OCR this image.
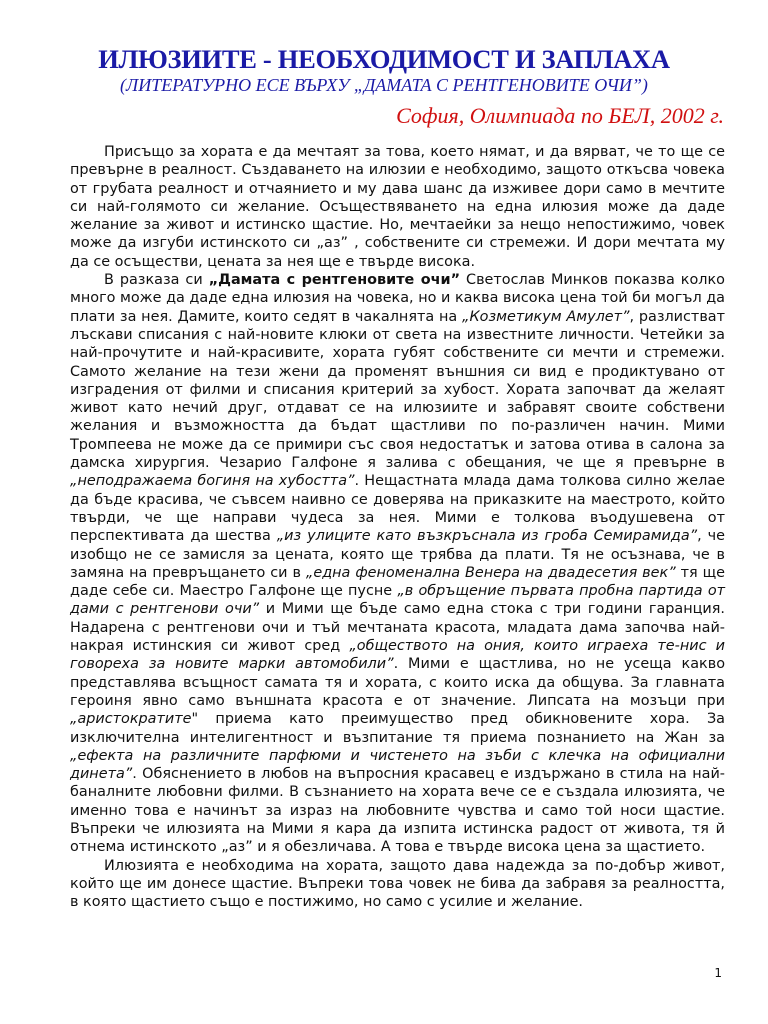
ИЛЮЗИИТЕ - НЕОБХОДИМОСТ И ЗАПЛАХА
(ЛИТЕРАТУРНО ЕСЕ ВЪРХУ „ДАМАТА С РЕНТГЕНОВИТЕ ОЧИ”)
София, Олимпиада по БЕЛ, 2002 г.

Присъщо за хората е да мечтаят за това, което нямат, и да вярват, че то ще се превърне в реалност. Създаването на илюзии е необходимо, защото откъсва човека от грубата реалност и отчаянието и му дава шанс да изживее дори само в мечтите си най-голямото си желание. Осъществяването на една илюзия може да даде желание за живот и истинско щастие. Но, мечтаейки за нещо непостижимо, човек може да изгуби истинското си „аз” , собствените си стремежи. И дори мечтата му да се осъществи, цената за нея ще е твърде висока.

В разказа си „Дамата с рентгеновите очи” Светослав Минков показва колко много може да даде една илюзия на човека, но и каква висока цена той би могъл да плати за нея. Дамите, които седят в чакалнята на „Козметикум Амулет”, разлистват лъскави списания с най-новите клюки от света на известните личности. Четейки за най-прочутите и най-красивите, хората губят собствените си мечти и стремежи. Самото желание на тези жени да променят външния си вид е продиктувано от изградения от филми и списания критерий за хубост. Хората започват да желаят живот като нечий друг, отдават се на илюзиите и забравят своите собствени желания и възможността да бъдат щастливи по по-различен начин. Мими Тромпеева не може да се примири със своя недостатък и затова отива в салона за дамска хирургия. Чезарио Галфоне я залива с обещания, че ще я превърне в „неподражаема богиня на хубостта”. Нещастната млада дама толкова силно желае да бъде красива, че съвсем наивно се доверява на приказките на маестрото, който твърди, че ще направи чудеса за нея. Мими е толкова въодушевена от перспективата да шества „из улиците като възкръснала из гроба Семирамида”, че изобщо не се замисля за цената, която ще трябва да плати. Тя не осъзнава, че в замяна на превръщането си в „една феноменална Венера на двадесетия век” тя ще даде себе си. Маестро Галфоне ще пусне „в обръщение първата пробна партида от дами с рентгенови очи” и Мими ще бъде само една стока с три години гаранция. Надарена с рентгенови очи и тъй мечтаната красота, младата дама започва най-накрая истинския си живот сред „обществото на ония, които играеха те-нис и говореха за новите марки автомобили”. Мими е щастлива, но не усеща какво представлява всъщност самата тя и хората, с които иска да общува. За главната героиня явно само външната красота е от значение. Липсата на мозъци при „аристократите" приема като преимущество пред обикновените хора. За изключителна интелигентност и възпитание тя приема познанието на Жан за „ефекта на различните парфюми и чистенето на зъби с клечка на официални динета”. Обяснението в любов на въпросния красавец е издържано в стила на най-баналните любовни филми. В съзнанието на хората вече се е създала илюзията, че именно това е начинът за израз на любовните чувства и само той носи щастие. Въпреки че илюзията на Мими я кара да изпита истинска радост от живота, тя й отнема истинското „аз” и я обезличава. А това е твърде висока цена за щастието.

Илюзията е необходима на хората, защото дава надежда за по-добър живот, който ще им донесе щастие. Въпреки това човек не бива да забравя за реалността, в която щастието също е постижимо, но само с усилие и желание.

1
